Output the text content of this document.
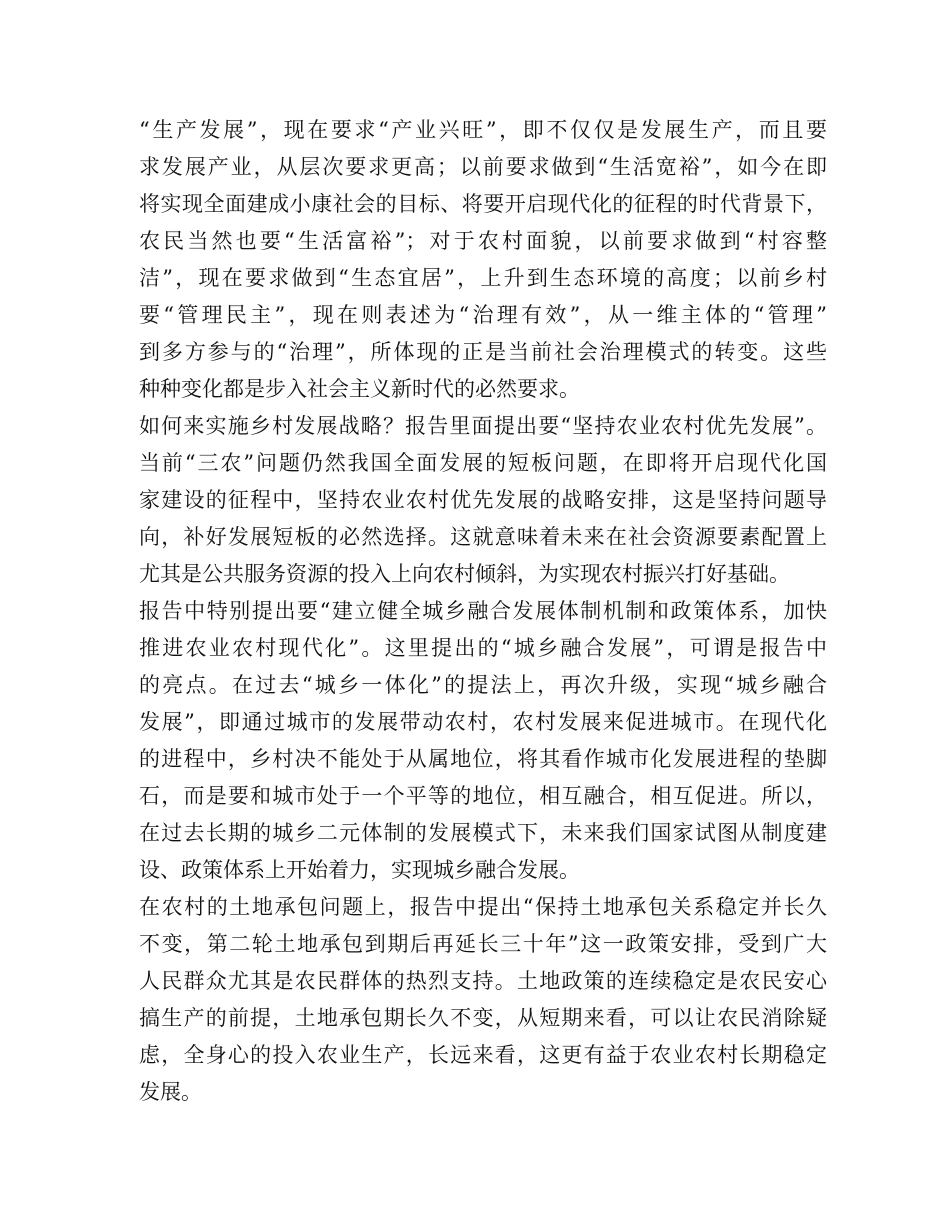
“生产发展”，现在要求“产业兴旺”，即不仅仅是发展生产，而且要
求发展产业，从层次要求更高；以前要求做到“生活宽裕”，如今在即
将实现全面建成小康社会的目标、将要开启现代化的征程的时代背景下，
农民当然也要“生活富裕”；对于农村面貌，以前要求做到“村容整
洁”，现在要求做到“生态宜居”，上升到生态环境的高度；以前乡村
要“管理民主”，现在则表述为“治理有效”，从一维主体的“管理”
到多方参与的“治理”，所体现的正是当前社会治理模式的转变。这些
种种变化都是步入社会主义新时代的必然要求。
如何来实施乡村发展战略？报告里面提出要“坚持农业农村优先发展”。
当前“三农”问题仍然我国全面发展的短板问题，在即将开启现代化国
家建设的征程中，坚持农业农村优先发展的战略安排，这是坚持问题导
向，补好发展短板的必然选择。这就意味着未来在社会资源要素配置上
尤其是公共服务资源的投入上向农村倾斜，为实现农村振兴打好基础。
报告中特别提出要“建立健全城乡融合发展体制机制和政策体系，加快
推进农业农村现代化”。这里提出的“城乡融合发展”，可谓是报告中
的亮点。在过去“城乡一体化”的提法上，再次升级，实现“城乡融合
发展”，即通过城市的发展带动农村，农村发展来促进城市。在现代化
的进程中，乡村决不能处于从属地位，将其看作城市化发展进程的垫脚
石，而是要和城市处于一个平等的地位，相互融合，相互促进。所以，
在过去长期的城乡二元体制的发展模式下，未来我们国家试图从制度建
设、政策体系上开始着力，实现城乡融合发展。
在农村的土地承包问题上，报告中提出“保持土地承包关系稳定并长久
不变，第二轮土地承包到期后再延长三十年”这一政策安排，受到广大
人民群众尤其是农民群体的热烈支持。土地政策的连续稳定是农民安心
搞生产的前提，土地承包期长久不变，从短期来看，可以让农民消除疑
虑，全身心的投入农业生产，长远来看，这更有益于农业农村长期稳定
发展。
